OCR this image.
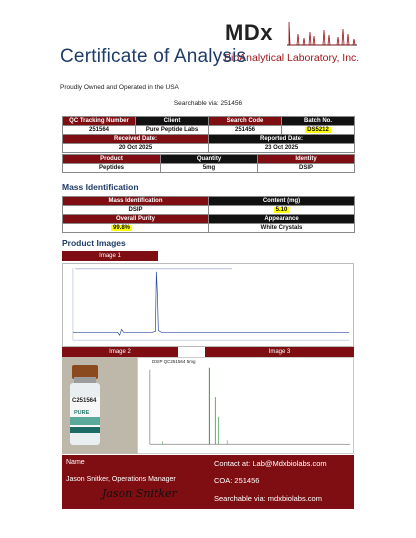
MDx
BioAnalytical Laboratory, Inc.
Certificate of Analysis
Proudly Owned and Operated in the USA
Searchable via: 251456
QC Tracking Number	Client	Search Code	Batch No.
251564	Pure Peptide Labs	251456	DS5212
Received Date:		Reported Date:	
20 Oct 2025		23 Oct 2025	
Product	Quantity	Identity
Peptides	5mg	DSIP
Mass Identification
Mass Identification	Content (mg)
DSIP	5.10
Overall Purity	Appearance
99.8%	White Crystals
Product Images
Image 1
Image 2	Image 3
C251564
PURE
DSIP QC251564 5mg
Name
Jason Snitker, Operations Manager
Jason Snitker
Contact at: Lab@Mdxbiolabs.com
COA: 251456
Searchable via: mdxbiolabs.com
